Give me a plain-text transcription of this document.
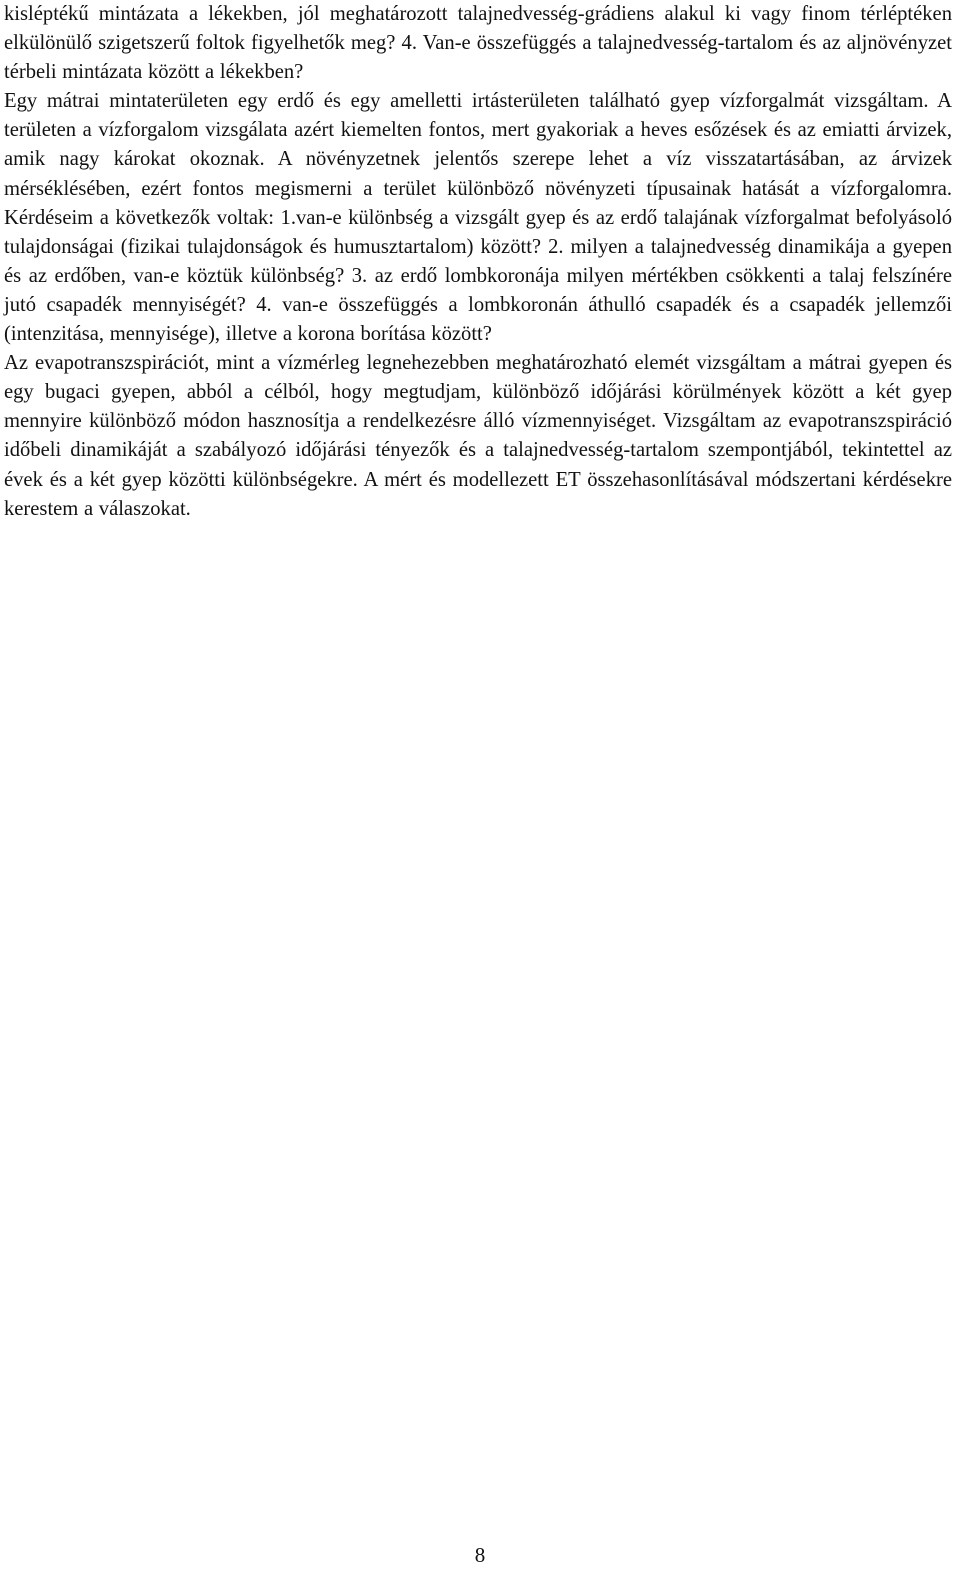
kisléptékű mintázata a lékekben, jól meghatározott talajnedvesség-grádiens alakul ki vagy finom térléptéken elkülönülő szigetszerű foltok figyelhetők meg? 4. Van-e összefüggés a talajnedvesség-tartalom és az aljnövényzet térbeli mintázata között a lékekben?

Egy mátrai mintaterületen egy erdő és egy amelletti irtásterületen található gyep vízforgalmát vizsgáltam. A területen a vízforgalom vizsgálata azért kiemelten fontos, mert gyakoriak a heves esőzések és az emiatti árvizek, amik nagy károkat okoznak. A növényzetnek jelentős szerepe lehet a víz visszatartásában, az árvizek mérséklésében, ezért fontos megismerni a terület különböző növényzeti típusainak hatását a vízforgalomra. Kérdéseim a következők voltak: 1.van-e különbség a vizsgált gyep és az erdő talajának vízforgalmat befolyásoló tulajdonságai (fizikai tulajdonságok és humusztartalom) között? 2. milyen a talajnedvesség dinamikája a gyepen és az erdőben, van-e köztük különbség? 3. az erdő lombkoronája milyen mértékben csökkenti a talaj felszínére jutó csapadék mennyiségét? 4. van-e összefüggés a lombkoronán áthulló csapadék és a csapadék jellemzői (intenzitása, mennyisége), illetve a korona borítása között?

Az evapotranszspirációt, mint a vízmérleg legnehezebben meghatározható elemét vizsgáltam a mátrai gyepen és egy bugaci gyepen, abból a célból, hogy megtudjam, különböző időjárási körülmények között a két gyep mennyire különböző módon hasznosítja a rendelkezésre álló vízmennyiséget. Vizsgáltam az evapotranszspiráció időbeli dinamikáját a szabályozó időjárási tényezők és a talajnedvesség-tartalom szempontjából, tekintettel az évek és a két gyep közötti különbségekre. A mért és modellezett ET összehasonlításával módszertani kérdésekre kerestem a válaszokat.

8
